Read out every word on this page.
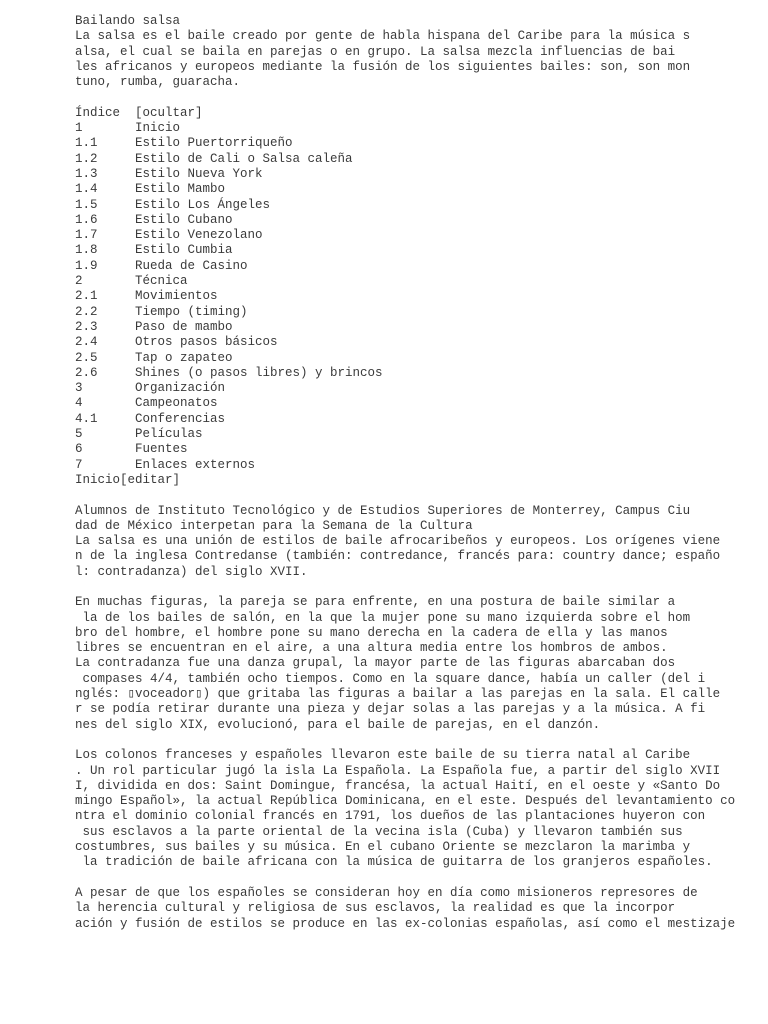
Bailando salsa
La salsa es el baile creado por gente de habla hispana del Caribe para la música s
alsa, el cual se baila en parejas o en grupo. La salsa mezcla influencias de bai
les africanos y europeos mediante la fusión de los siguientes bailes: son, son mon
tuno, rumba, guaracha.
Índice [ocultar]
1	Inicio
1.1	Estilo Puertorriqueño
1.2	Estilo de Cali o Salsa caleña
1.3	Estilo Nueva York
1.4	Estilo Mambo
1.5	Estilo Los Ángeles
1.6	Estilo Cubano
1.7	Estilo Venezolano
1.8	Estilo Cumbia
1.9	Rueda de Casino
2	Técnica
2.1	Movimientos
2.2	Tiempo (timing)
2.3	Paso de mambo
2.4	Otros pasos básicos
2.5	Tap o zapateo
2.6	Shines (o pasos libres) y brincos
3	Organización
4	Campeonatos
4.1	Conferencias
5	Películas
6	Fuentes
7	Enlaces externos
Inicio[editar]
Alumnos de Instituto Tecnológico y de Estudios Superiores de Monterrey, Campus Ciu
dad de México interpetan para la Semana de la Cultura
La salsa es una unión de estilos de baile afrocaribeños y europeos. Los orígenes viene
n de la inglesa Contredanse (también: contredance, francés para: country dance; españo
l: contradanza) del siglo XVII.
En muchas figuras, la pareja se para enfrente, en una postura de baile similar a
la de los bailes de salón, en la que la mujer pone su mano izquierda sobre el hom
bro del hombre, el hombre pone su mano derecha en la cadera de ella y las manos
libres se encuentran en el aire, a una altura media entre los hombros de ambos.
La contradanza fue una danza grupal, la mayor parte de las figuras abarcaban dos
compases 4/4, también ocho tiempos. Como en la square dance, había un caller (del i
nglés: ▯voceador▯) que gritaba las figuras a bailar a las parejas en la sala. El calle
r se podía retirar durante una pieza y dejar solas a las parejas y a la música. A fi
nes del siglo XIX, evolucionó, para el baile de parejas, en el danzón.
Los colonos franceses y españoles llevaron este baile de su tierra natal al Caribe
. Un rol particular jugó la isla La Española. La Española fue, a partir del siglo XVII
I, dividida en dos: Saint Domingue, francésa, la actual Haití, en el oeste y «Santo Do
mingo Español», la actual República Dominicana, en el este. Después del levantamiento co
ntra el dominio colonial francés en 1791, los dueños de las plantaciones huyeron con
sus esclavos a la parte oriental de la vecina isla (Cuba) y llevaron también sus
costumbres, sus bailes y su música. En el cubano Oriente se mezclaron la marimba y
la tradición de baile africana con la música de guitarra de los granjeros españoles.
A pesar de que los españoles se consideran hoy en día como misioneros represores de
la herencia cultural y religiosa de sus esclavos, la realidad es que la incorpor
ación y fusión de estilos se produce en las ex-colonias españolas, así como el mestizaje
